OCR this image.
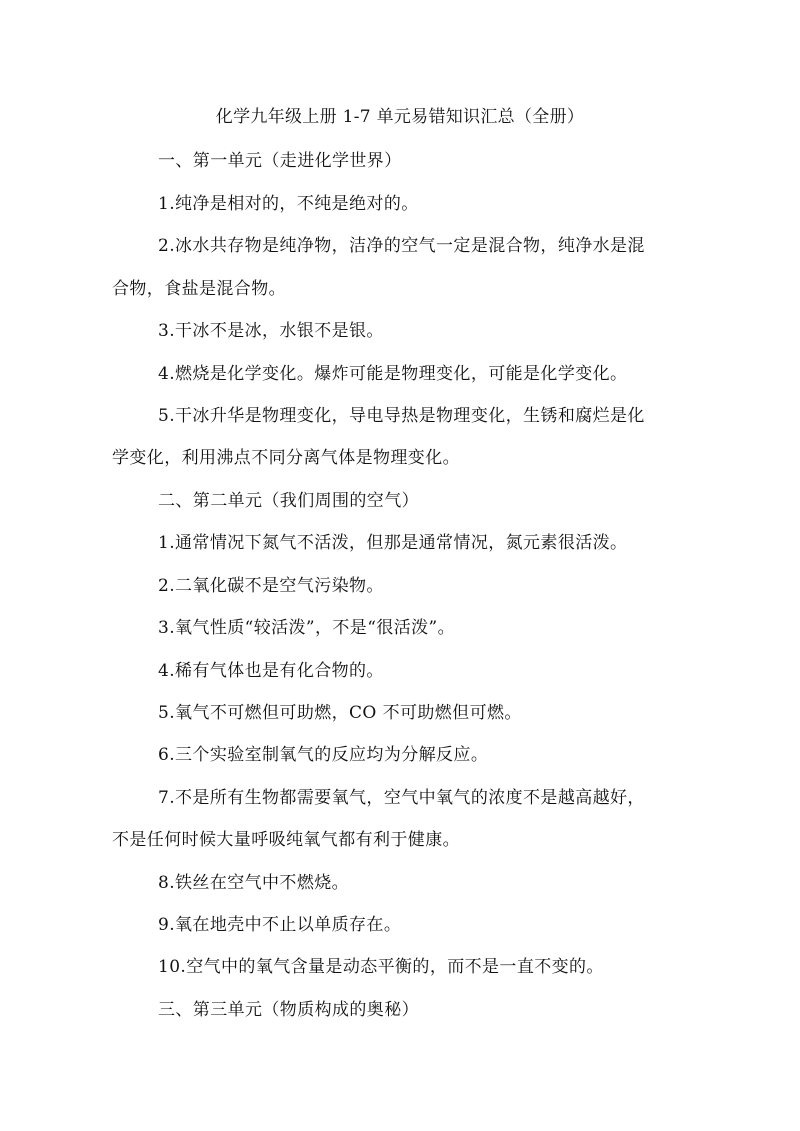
化学九年级上册 1-7 单元易错知识汇总（全册）
一、第一单元（走进化学世界）
1.纯净是相对的，不纯是绝对的。
2.冰水共存物是纯净物，洁净的空气一定是混合物，纯净水是混
合物，食盐是混合物。
3.干冰不是冰，水银不是银。
4.燃烧是化学变化。爆炸可能是物理变化，可能是化学变化。
5.干冰升华是物理变化，导电导热是物理变化，生锈和腐烂是化
学变化，利用沸点不同分离气体是物理变化。
二、第二单元（我们周围的空气）
1.通常情况下氮气不活泼，但那是通常情况，氮元素很活泼。
2.二氧化碳不是空气污染物。
3.氧气性质“较活泼”，不是“很活泼”。
4.稀有气体也是有化合物的。
5.氧气不可燃但可助燃，CO 不可助燃但可燃。
6.三个实验室制氧气的反应均为分解反应。
7.不是所有生物都需要氧气，空气中氧气的浓度不是越高越好，
不是任何时候大量呼吸纯氧气都有利于健康。
8.铁丝在空气中不燃烧。
9.氧在地壳中不止以单质存在。
10.空气中的氧气含量是动态平衡的，而不是一直不变的。
三、第三单元（物质构成的奥秘）
